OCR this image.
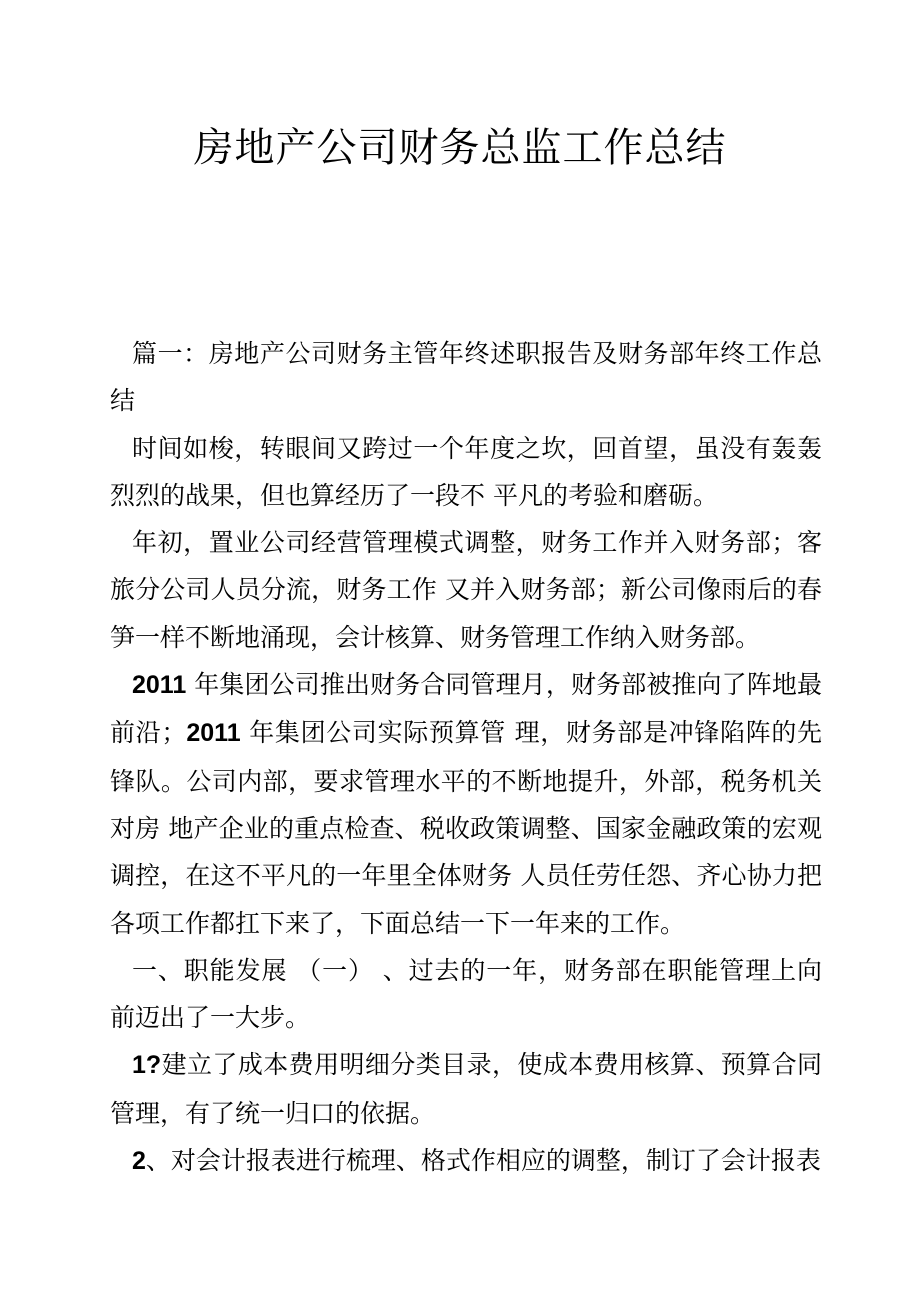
房地产公司财务总监工作总结

篇一：房地产公司财务主管年终述职报告及财务部年终工作总结

时间如梭，转眼间又跨过一个年度之坎，回首望，虽没有轰轰烈烈的战果，但也算经历了一段不 平凡的考验和磨砺。

年初，置业公司经营管理模式调整，财务工作并入财务部；客旅分公司人员分流，财务工作 又并入财务部；新公司像雨后的春笋一样不断地涌现，会计核算、财务管理工作纳入财务部。

2011 年集团公司推出财务合同管理月，财务部被推向了阵地最前沿；2011 年集团公司实际预算管 理，财务部是冲锋陷阵的先锋队。公司内部，要求管理水平的不断地提升，外部，税务机关对房 地产企业的重点检查、税收政策调整、国家金融政策的宏观调控，在这不平凡的一年里全体财务 人员任劳任怨、齐心协力把各项工作都扛下来了，下面总结一下一年来的工作。

一、职能发展 （一） 、过去的一年，财务部在职能管理上向前迈出了一大步。

1?建立了成本费用明细分类目录，使成本费用核算、预算合同管理，有了统一归口的依据。

2、对会计报表进行梳理、格式作相应的调整，制订了会计报表
